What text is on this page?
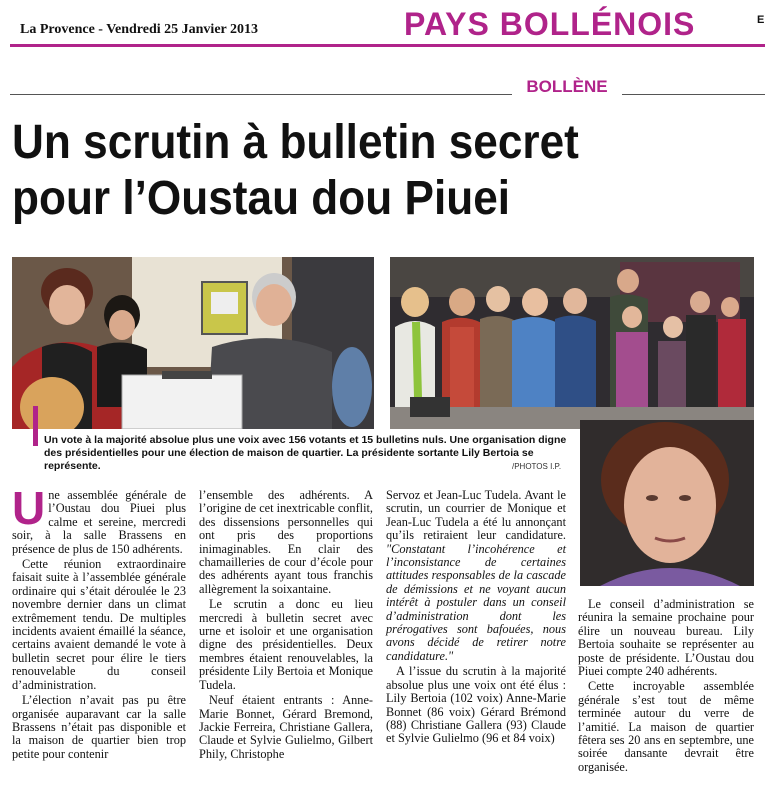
La Provence - Vendredi 25 Janvier 2013	PAYS BOLLÉNOIS	E
BOLLÈNE
Un scrutin à bulletin secret
pour l’Oustau dou Piuei
Un vote à la majorité absolue plus une voix avec 156 votants et 15 bulletins nuls. Une organisation digne des présidentielles pour une élection de maison de quartier. La présidente sortante Lily Bertoia se représente.	/PHOTOS I.P.

Une assemblée générale de l’Oustau dou Piuei plus calme et sereine, mercredi soir, à la salle Brassens en présence de plus de 150 adhérents.

Cette réunion extraordinaire faisait suite à l’assemblée générale ordinaire qui s’était déroulée le 23 novembre dernier dans un climat extrêmement tendu. De multiples incidents avaient émaillé la séance, certains avaient demandé le vote à bulletin secret pour élire le tiers renouvelable du conseil d’administration.

L’élection n’avait pas pu être organisée auparavant car la salle Brassens n’était pas disponible et la maison de quartier bien trop petite pour contenir

l’ensemble des adhérents. A l’origine de cet inextricable conflit, des dissensions personnelles qui ont pris des proportions inimaginables. En clair des chamailleries de cour d’école pour des adhérents ayant tous franchis allègrement la soixantaine.

Le scrutin a donc eu lieu mercredi à bulletin secret avec urne et isoloir et une organisation digne des présidentielles. Deux membres étaient renouvelables, la présidente Lily Bertoia et Monique Tudela.

Neuf étaient entrants : Anne-Marie Bonnet, Gérard Bremond, Jackie Ferreira, Christiane Gallera, Claude et Sylvie Gulielmo, Gilbert Phily, Christophe

Servoz et Jean-Luc Tudela. Avant le scrutin, un courrier de Monique et Jean-Luc Tudela a été lu annonçant qu’ils retiraient leur candidature. "Constatant l’incohérence et l’inconsistance de certaines attitudes responsables de la cascade de démissions et ne voyant aucun intérêt à postuler dans un conseil d’administration dont les prérogatives sont bafouées, nous avons décidé de retirer notre candidature."

A l’issue du scrutin à la majorité absolue plus une voix ont été élus : Lily Bertoia (102 voix) Anne-Marie Bonnet (86 voix) Gérard Brémond (88) Christiane Gallera (93) Claude et Sylvie Gulielmo (96 et 84 voix)

Le conseil d’administration se réunira la semaine prochaine pour élire un nouveau bureau. Lily Bertoia souhaite se représenter au poste de présidente. L’Oustau dou Piuei compte 240 adhérents.

Cette incroyable assemblée générale s’est tout de même terminée autour du verre de l’amitié. La maison de quartier fêtera ses 20 ans en septembre, une soirée dansante devrait être organisée.
